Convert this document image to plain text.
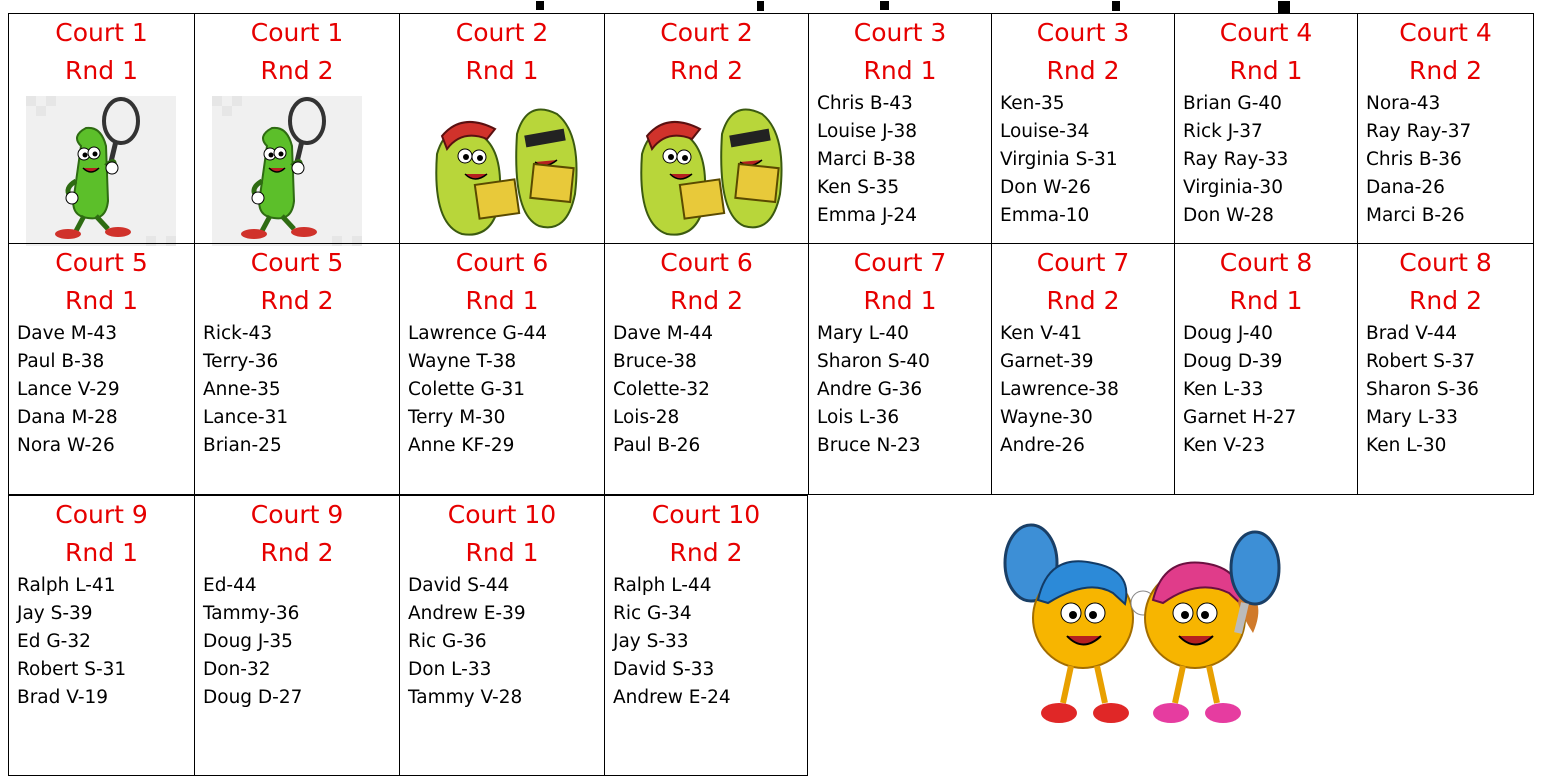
Court 1
Rnd 1
Court 1
Rnd 2
Court 2
Rnd 1
Court 2
Rnd 2
Court 3
Rnd 1
Chris B-43
Louise J-38
Marci B-38
Ken S-35
Emma J-24
Court 3
Rnd 2
Ken-35
Louise-34
Virginia S-31
Don W-26
Emma-10
Court 4
Rnd 1
Brian G-40
Rick J-37
Ray Ray-33
Virginia-30
Don W-28
Court 4
Rnd 2
Nora-43
Ray Ray-37
Chris B-36
Dana-26
Marci B-26
Court 5
Rnd 1
Dave M-43
Paul B-38
Lance V-29
Dana M-28
Nora W-26
Court 5
Rnd 2
Rick-43
Terry-36
Anne-35
Lance-31
Brian-25
Court 6
Rnd 1
Lawrence G-44
Wayne T-38
Colette G-31
Terry M-30
Anne KF-29
Court 6
Rnd 2
Dave M-44
Bruce-38
Colette-32
Lois-28
Paul B-26
Court 7
Rnd 1
Mary L-40
Sharon S-40
Andre G-36
Lois L-36
Bruce N-23
Court 7
Rnd 2
Ken V-41
Garnet-39
Lawrence-38
Wayne-30
Andre-26
Court 8
Rnd 1
Doug J-40
Doug D-39
Ken L-33
Garnet H-27
Ken V-23
Court 8
Rnd 2
Brad V-44
Robert S-37
Sharon S-36
Mary L-33
Ken L-30
Court 9
Rnd 1
Ralph L-41
Jay S-39
Ed G-32
Robert S-31
Brad V-19
Court 9
Rnd 2
Ed-44
Tammy-36
Doug J-35
Don-32
Doug D-27
Court 10
Rnd 1
David S-44
Andrew E-39
Ric G-36
Don L-33
Tammy V-28
Court 10
Rnd 2
Ralph L-44
Ric G-34
Jay S-33
David S-33
Andrew E-24
